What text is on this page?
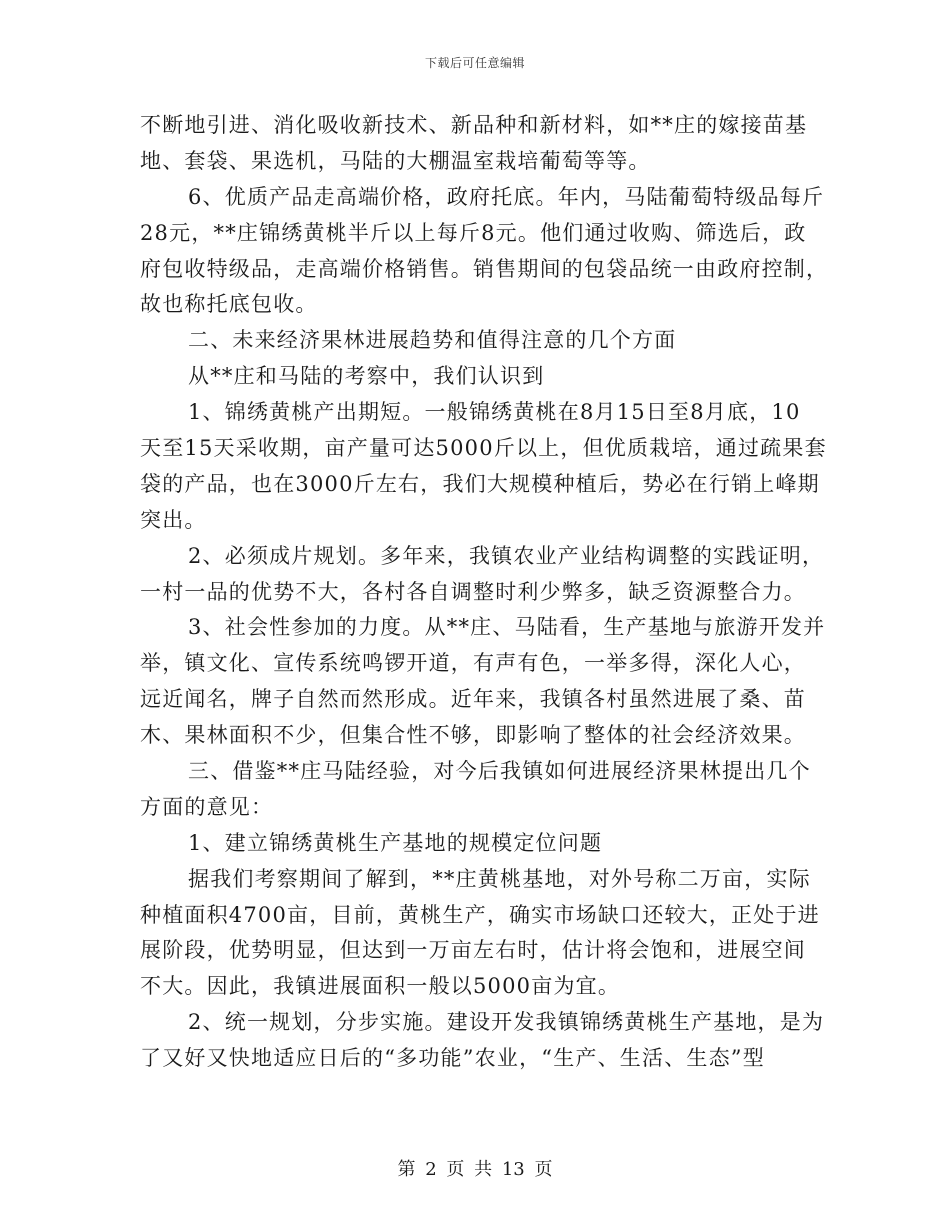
下载后可任意编辑
不断地引进、消化吸收新技术、新品种和新材料，如**庄的嫁接苗基
地、套袋、果选机，马陆的大棚温室栽培葡萄等等。
6、优质产品走高端价格，政府托底。年内，马陆葡萄特级品每斤
28元，**庄锦绣黄桃半斤以上每斤8元。他们通过收购、筛选后，政
府包收特级品，走高端价格销售。销售期间的包袋品统一由政府控制，
故也称托底包收。
二、未来经济果林进展趋势和值得注意的几个方面
从**庄和马陆的考察中，我们认识到
1、锦绣黄桃产出期短。一般锦绣黄桃在8月15日至8月底，10
天至15天采收期，亩产量可达5000斤以上，但优质栽培，通过疏果套
袋的产品，也在3000斤左右，我们大规模种植后，势必在行销上峰期
突出。
2、必须成片规划。多年来，我镇农业产业结构调整的实践证明，
一村一品的优势不大，各村各自调整时利少弊多，缺乏资源整合力。
3、社会性参加的力度。从**庄、马陆看，生产基地与旅游开发并
举，镇文化、宣传系统鸣锣开道，有声有色，一举多得，深化人心，
远近闻名，牌子自然而然形成。近年来，我镇各村虽然进展了桑、苗
木、果林面积不少，但集合性不够，即影响了整体的社会经济效果。
三、借鉴**庄马陆经验，对今后我镇如何进展经济果林提出几个
方面的意见：
1、建立锦绣黄桃生产基地的规模定位问题
据我们考察期间了解到，**庄黄桃基地，对外号称二万亩，实际
种植面积4700亩，目前，黄桃生产，确实市场缺口还较大，正处于进
展阶段，优势明显，但达到一万亩左右时，估计将会饱和，进展空间
不大。因此，我镇进展面积一般以5000亩为宜。
2、统一规划，分步实施。建设开发我镇锦绣黄桃生产基地，是为
了又好又快地适应日后的“多功能”农业，“生产、生活、生态”型
第 2 页 共 13 页
